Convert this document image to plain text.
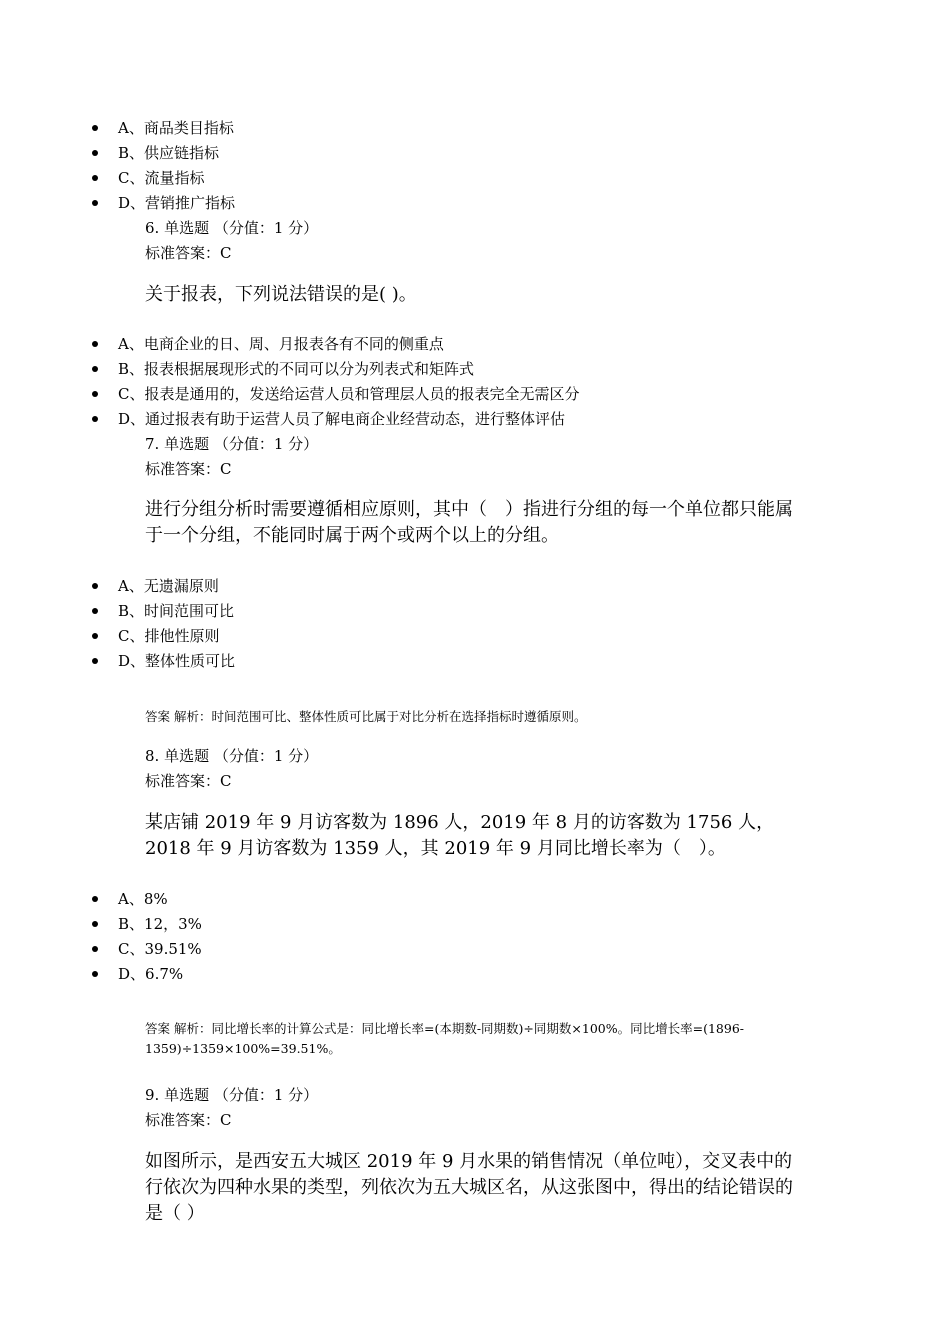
A、商品类目指标
B、供应链指标
C、流量指标
D、营销推广指标
6. 单选题 （分值：1 分）
标准答案：C
关于报表，下列说法错误的是( )。
A、电商企业的日、周、月报表各有不同的侧重点
B、报表根据展现形式的不同可以分为列表式和矩阵式
C、报表是通用的，发送给运营人员和管理层人员的报表完全无需区分
D、通过报表有助于运营人员了解电商企业经营动态，进行整体评估
7. 单选题 （分值：1 分）
标准答案：C
进行分组分析时需要遵循相应原则，其中（　）指进行分组的每一个单位都只能属于一个分组，不能同时属于两个或两个以上的分组。
A、无遗漏原则
B、时间范围可比
C、排他性原则
D、整体性质可比
答案 解析：时间范围可比、整体性质可比属于对比分析在选择指标时遵循原则。
8. 单选题 （分值：1 分）
标准答案：C
某店铺 2019 年 9 月访客数为 1896 人，2019 年 8 月的访客数为 1756 人，2018 年 9 月访客数为 1359 人，其 2019 年 9 月同比增长率为（　）。
A、8%
B、12，3%
C、39.51%
D、6.7%
答案 解析：同比增长率的计算公式是：同比增长率=(本期数-同期数)÷同期数×100%。同比增长率=(1896-1359)÷1359×100%=39.51%。
9. 单选题 （分值：1 分）
标准答案：C
如图所示，是西安五大城区 2019 年 9 月水果的销售情况（单位吨），交叉表中的行依次为四种水果的类型，列依次为五大城区名，从这张图中，得出的结论错误的是（ ）
